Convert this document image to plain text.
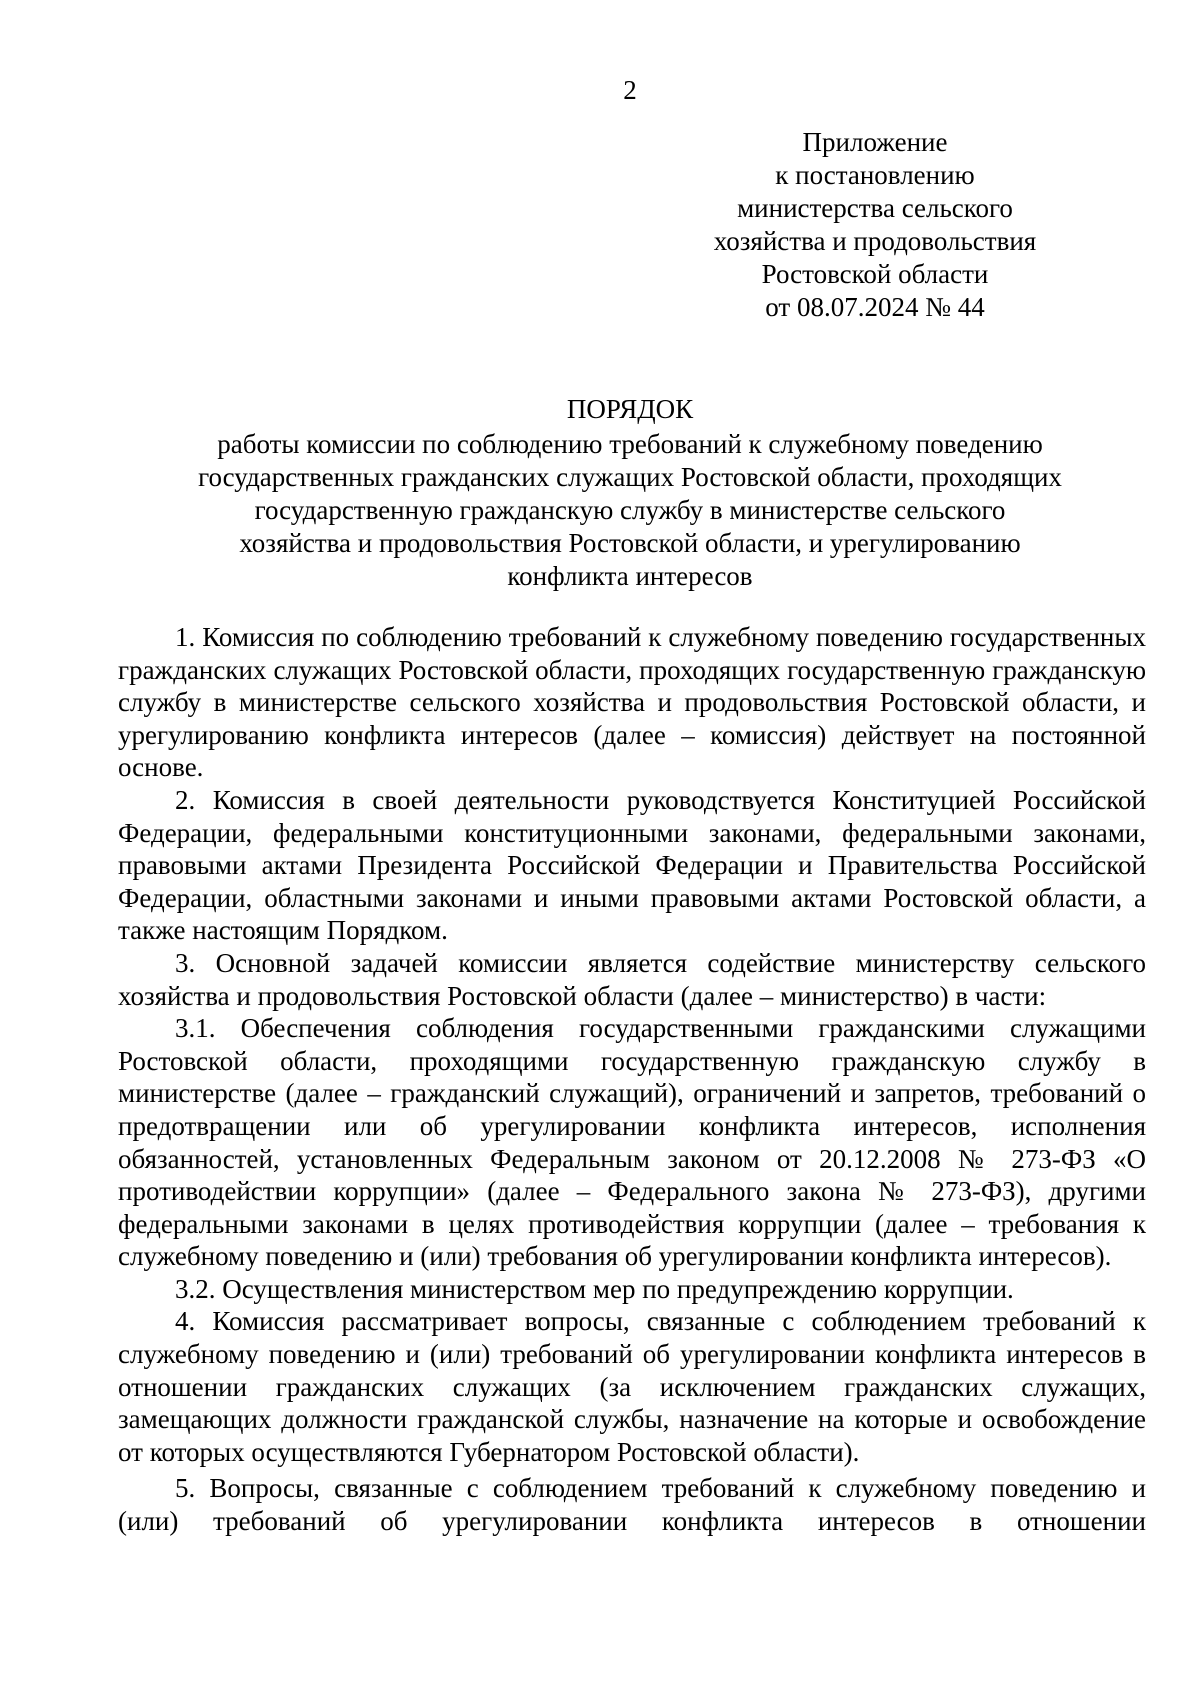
2
Приложение
к постановлению
министерства сельского
хозяйства и продовольствия
Ростовской области
от 08.07.2024 № 44
ПОРЯДОК
работы комиссии по соблюдению требований к служебному поведению
государственных гражданских служащих Ростовской области, проходящих
государственную гражданскую службу в министерстве сельского
хозяйства и продовольствия Ростовской области, и урегулированию
конфликта интересов

1. Комиссия по соблюдению требований к служебному поведению государственных гражданских служащих Ростовской области, проходящих государственную гражданскую службу в министерстве сельского хозяйства и продовольствия Ростовской области, и урегулированию конфликта интересов (далее – комиссия) действует на постоянной основе.

2. Комиссия в своей деятельности руководствуется Конституцией Российской Федерации, федеральными конституционными законами, федеральными законами, правовыми актами Президента Российской Федерации и Правительства Российской Федерации, областными законами и иными правовыми актами Ростовской области, а также настоящим Порядком.

3. Основной задачей комиссии является содействие министерству сельского хозяйства и продовольствия Ростовской области (далее – министерство) в части:

3.1. Обеспечения соблюдения государственными гражданскими служащими Ростовской области, проходящими государственную гражданскую службу в министерстве (далее – гражданский служащий), ограничений и запретов, требований о предотвращении или об урегулировании конфликта интересов, исполнения обязанностей, установленных Федеральным законом от 20.12.2008 № 273-ФЗ «О противодействии коррупции» (далее – Федерального закона № 273-ФЗ), другими федеральными законами в целях противодействия коррупции (далее – требования к служебному поведению и (или) требования об урегулировании конфликта интересов).

3.2. Осуществления министерством мер по предупреждению коррупции.

4. Комиссия рассматривает вопросы, связанные с соблюдением требований к служебному поведению и (или) требований об урегулировании конфликта интересов в отношении гражданских служащих (за исключением гражданских служащих, замещающих должности гражданской службы, назначение на которые и освобождение от которых осуществляются Губернатором Ростовской области).

5. Вопросы, связанные с соблюдением требований к служебному поведению и (или) требований об урегулировании конфликта интересов в отношении
